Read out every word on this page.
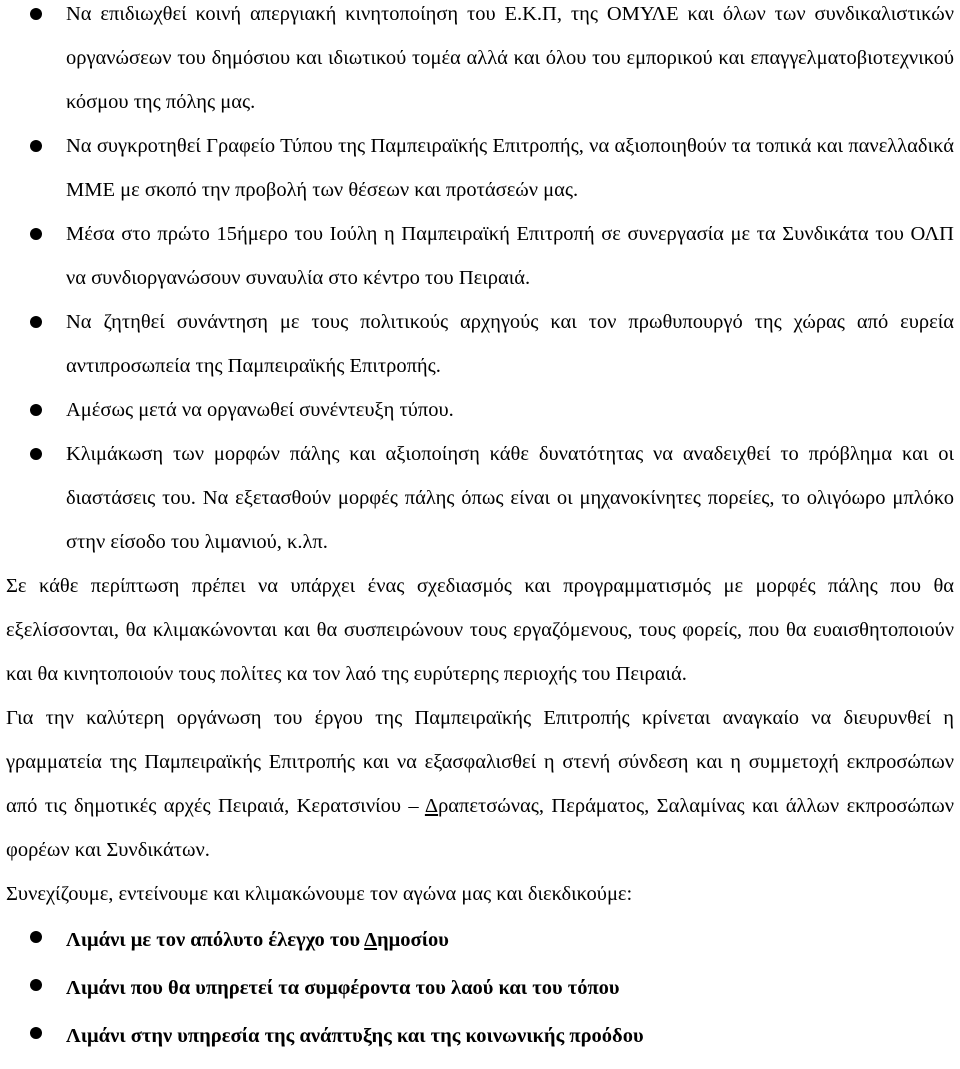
Να επιδιωχθεί κοινή απεργιακή κινητοποίηση του Ε.Κ.Π, της ΟΜΥΛΕ και όλων των συνδικαλιστικών οργανώσεων του δημόσιου και ιδιωτικού τομέα αλλά και όλου του εμπορικού και επαγγελματοβιοτεχνικού κόσμου της πόλης μας.
Να συγκροτηθεί Γραφείο Τύπου της Παμπειραϊκής Επιτροπής, να αξιοποιηθούν τα τοπικά και πανελλαδικά ΜΜΕ με σκοπό την προβολή των θέσεων και προτάσεών μας.
Μέσα στο πρώτο 15ήμερο του Ιούλη η Παμπειραϊκή Επιτροπή σε συνεργασία με τα Συνδικάτα του ΟΛΠ να συνδιοργανώσουν συναυλία στο κέντρο του Πειραιά.
Να ζητηθεί συνάντηση με τους πολιτικούς αρχηγούς και τον πρωθυπουργό της χώρας από ευρεία αντιπροσωπεία της Παμπειραϊκής Επιτροπής.
Αμέσως μετά να οργανωθεί συνέντευξη τύπου.
Κλιμάκωση των μορφών πάλης και αξιοποίηση κάθε δυνατότητας να αναδειχθεί το πρόβλημα και οι διαστάσεις του. Να εξετασθούν μορφές πάλης όπως είναι οι μηχανοκίνητες πορείες, το ολιγόωρο μπλόκο στην είσοδο του λιμανιού, κ.λπ.
Σε κάθε περίπτωση πρέπει να υπάρχει ένας σχεδιασμός και προγραμματισμός με μορφές πάλης που θα εξελίσσονται, θα κλιμακώνονται και θα συσπειρώνουν τους εργαζόμενους, τους φορείς, που θα ευαισθητοποιούν και θα κινητοποιούν τους πολίτες κα τον λαό της ευρύτερης περιοχής του Πειραιά.
Για την καλύτερη οργάνωση του έργου της Παμπειραϊκής Επιτροπής κρίνεται αναγκαίο να διευρυνθεί η γραμματεία της Παμπειραϊκής Επιτροπής και να εξασφαλισθεί η στενή σύνδεση και η συμμετοχή εκπροσώπων από τις δημοτικές αρχές Πειραιά, Κερατσινίου – Δραπετσώνας, Περάματος, Σαλαμίνας και άλλων εκπροσώπων φορέων και Συνδικάτων.
Συνεχίζουμε, εντείνουμε και κλιμακώνουμε τον αγώνα μας και διεκδικούμε:
Λιμάνι με τον απόλυτο έλεγχο του Δημοσίου
Λιμάνι που θα υπηρετεί τα συμφέροντα του λαού και του τόπου
Λιμάνι στην υπηρεσία της ανάπτυξης και της κοινωνικής προόδου
